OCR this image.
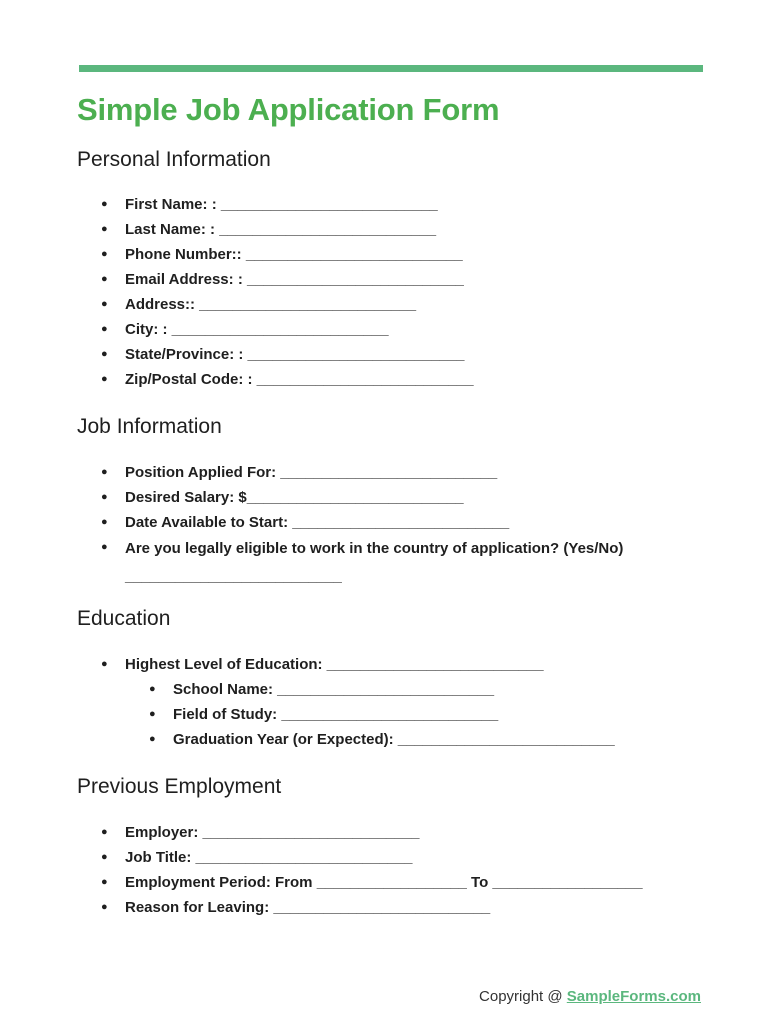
Simple Job Application Form
Personal Information
● First Name: : __________________________
● Last Name: : __________________________
● Phone Number:: __________________________
● Email Address: : __________________________
● Address:: __________________________
● City: : __________________________
● State/Province: : __________________________
● Zip/Postal Code: : __________________________
Job Information
● Position Applied For: __________________________
● Desired Salary: $__________________________
● Date Available to Start: __________________________
● Are you legally eligible to work in the country of application? (Yes/No) __________________________
Education
● Highest Level of Education: __________________________
● School Name: __________________________
● Field of Study: __________________________
● Graduation Year (or Expected): __________________________
Previous Employment
● Employer: __________________________
● Job Title: __________________________
● Employment Period: From __________________ To __________________
● Reason for Leaving: __________________________
Copyright @ SampleForms.com
